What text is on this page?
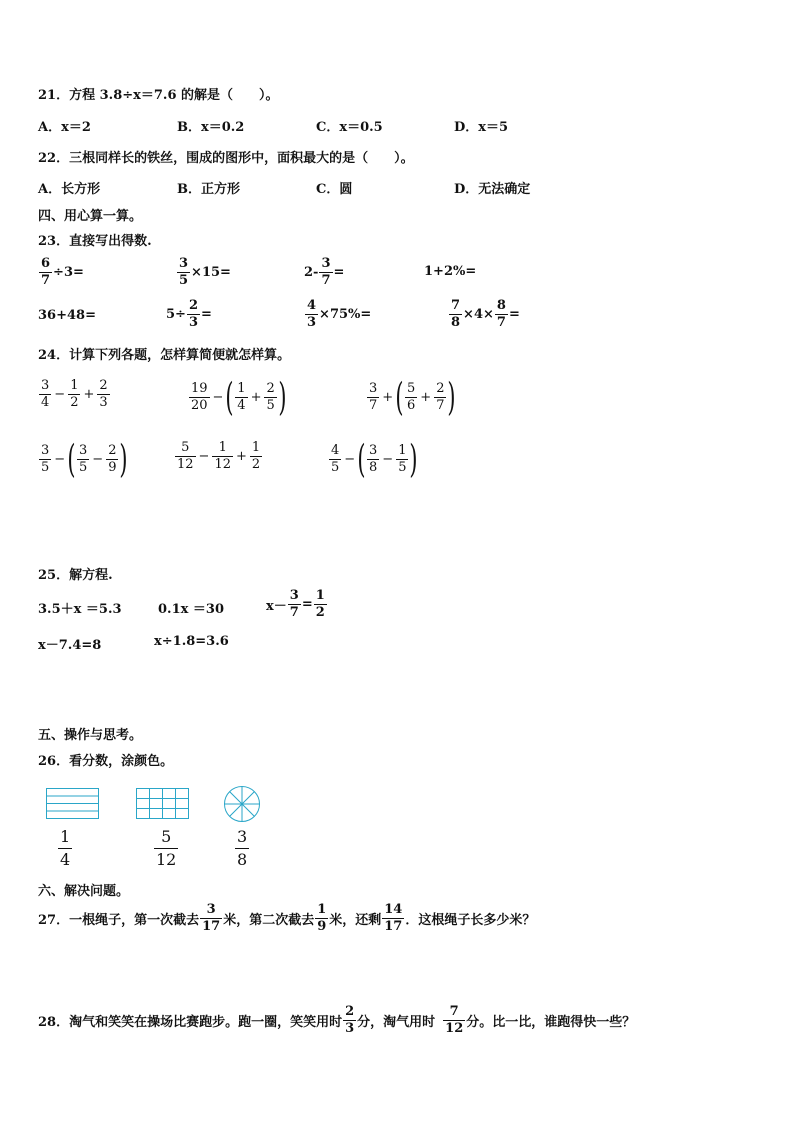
21．方程 3.8÷x＝7.6 的解是（　　）。
A．x＝2	B．x＝0.2	C．x＝0.5	D．x＝5
22．三根同样长的铁丝，围成的图形中，面积最大的是（　　）。
A．长方形	B．正方形	C．圆	D．无法确定
四、用心算一算。
23．直接写出得数.
$\frac{6}{7} \div 3=$	$\frac{3}{5} \times 15=$	$2- \frac{3}{7}$ =	1+2%=
36+48=	$5\div \frac{2}{3}$ =	$\frac{4}{3} \times 75\%=$	$\frac{7}{8} \times 4\times \frac{8}{7}$ =
24．计算下列各题，怎样算简便就怎样算。
$\frac{3}{4} - \frac{1}{2} + \frac{2}{3}$	$\frac{19}{20}$ − ( $\frac{1}{4} + \frac{2}{5}$ )	$\frac{3}{7}$ + ( $\frac{5}{6} + \frac{2}{7}$ )
$\frac{3}{5}$ − ( $\frac{3}{5} - \frac{2}{9}$ )	$\frac{5}{12} - \frac{1}{12} + \frac{1}{2}$	$\frac{4}{5}$ − ( $\frac{3}{8} - \frac{1}{5}$ )
25．解方程.
3.5＋x ＝5.3	0.1x ＝30	$x- \frac{3}{7} = \frac{1}{2}$
x－7.4=8	x÷1.8=3.6
五、操作与思考。
26．看分数，涂颜色。
$\frac{1}{4}$	$\frac{5}{12}$	$\frac{3}{8}$
六、解决问题。
27．一根绳子，第一次截去 $\frac{3}{17}$ 米，第二次截去 $\frac{1}{9}$ 米，还剩 $\frac{14}{17}$ ．这根绳子长多少米？
28．淘气和笑笑在操场比赛跑步。跑一圈，笑笑用时 $\frac{2}{3}$ 分，淘气用时 $\frac{7}{12}$ 分。比一比，谁跑得快一些？
